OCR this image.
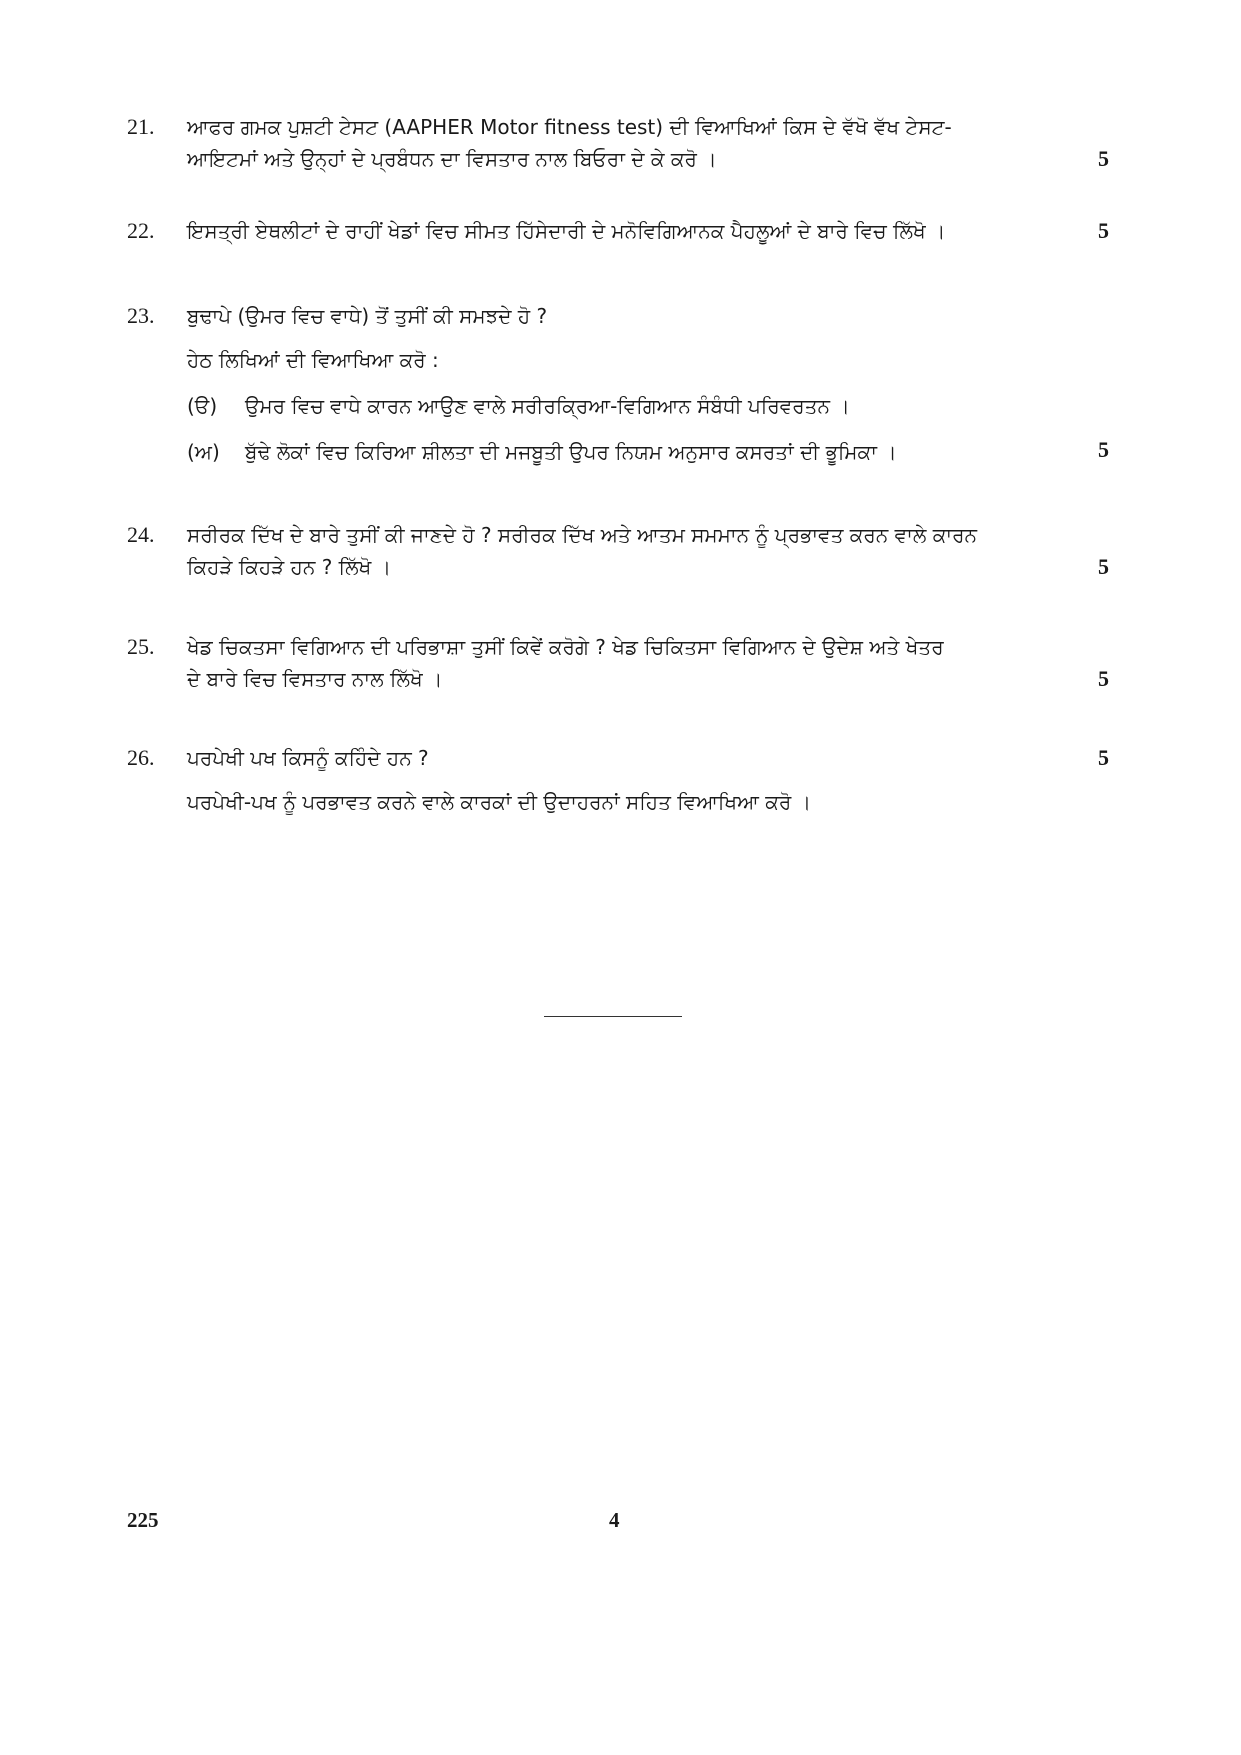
21. ਆਫਰ ਗਮਕ ਪੁਸ਼ਟੀ ਟੇਸਟ (AAPHER Motor fitness test) ਦੀ ਵਿਆਖਿਆਂ ਕਿਸ ਦੇ ਵੱਖੋ ਵੱਖ ਟੇਸਟ-
ਆਇਟਮਾਂ ਅਤੇ ਉਨ੍ਹਾਂ ਦੇ ਪ੍ਰਬੰਧਨ ਦਾ ਵਿਸਤਾਰ ਨਾਲ ਬਿਓਰਾ ਦੇ ਕੇ ਕਰੋ ।	5
22. ਇਸਤ੍ਰੀ ਏਥਲੀਟਾਂ ਦੇ ਰਾਹੀਂ ਖੇਡਾਂ ਵਿਚ ਸੀਮਤ ਹਿੱਸੇਦਾਰੀ ਦੇ ਮਨੋਵਿਗਿਆਨਕ ਪੈਹਲੂਆਂ ਦੇ ਬਾਰੇ ਵਿਚ ਲਿੱਖੋ ।	5
23. ਬੁਢਾਪੇ (ਉਮਰ ਵਿਚ ਵਾਧੇ) ਤੋਂ ਤੁਸੀਂ ਕੀ ਸਮਝਦੇ ਹੋ ?
ਹੇਠ ਲਿਖਿਆਂ ਦੀ ਵਿਆਖਿਆ ਕਰੋ :
(ੳ) ਉਮਰ ਵਿਚ ਵਾਧੇ ਕਾਰਨ ਆਉਣ ਵਾਲੇ ਸਰੀਰਕ੍ਰਿਆ-ਵਿਗਿਆਨ ਸੰਬੰਧੀ ਪਰਿਵਰਤਨ ।
(ਅ) ਬੁੱਢੇ ਲੋਕਾਂ ਵਿਚ ਕਿਰਿਆ ਸ਼ੀਲਤਾ ਦੀ ਮਜਬੂਤੀ ਉਪਰ ਨਿਯਮ ਅਨੁਸਾਰ ਕਸਰਤਾਂ ਦੀ ਭੂਮਿਕਾ ।	5
24. ਸਰੀਰਕ ਦਿੱਖ ਦੇ ਬਾਰੇ ਤੁਸੀਂ ਕੀ ਜਾਣਦੇ ਹੋ ? ਸਰੀਰਕ ਦਿੱਖ ਅਤੇ ਆਤਮ ਸਮਮਾਨ ਨੂੰ ਪ੍ਰਭਾਵਤ ਕਰਨ ਵਾਲੇ ਕਾਰਨ
ਕਿਹੜੇ ਕਿਹੜੇ ਹਨ ? ਲਿੱਖੋ ।	5
25. ਖੇਡ ਚਿਕਤਸਾ ਵਿਗਿਆਨ ਦੀ ਪਰਿਭਾਸ਼ਾ ਤੁਸੀਂ ਕਿਵੇਂ ਕਰੋਗੇ ? ਖੇਡ ਚਿਕਿਤਸਾ ਵਿਗਿਆਨ ਦੇ ਉਦੇਸ਼ ਅਤੇ ਖੇਤਰ
ਦੇ ਬਾਰੇ ਵਿਚ ਵਿਸਤਾਰ ਨਾਲ ਲਿੱਖੋ ।	5
26. ਪਰਪੇਖੀ ਪਖ ਕਿਸਨੂੰ ਕਹਿੰਦੇ ਹਨ ?
ਪਰਪੇਖੀ-ਪਖ ਨੂੰ ਪਰਭਾਵਤ ਕਰਨੇ ਵਾਲੇ ਕਾਰਕਾਂ ਦੀ ਉਦਾਹਰਨਾਂ ਸਹਿਤ ਵਿਆਖਿਆ ਕਰੋ ।
5
225	4
